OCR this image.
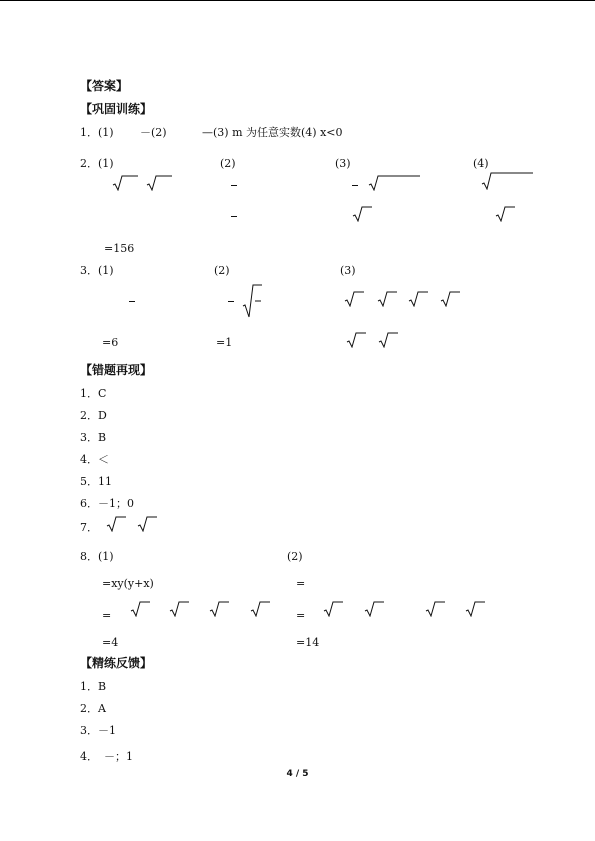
【答案】
【巩固训练】
1．(1) －(2)	—(3) m 为任意实数(4) x<0
2．(1)	(2)	(3)	(4)
=156
3．(1)	(2)	(3)
=6	=1
【错题再现】
1．C
2．D
3．B
4．＜
5．11
6．－1；0
7．
8．(1)	(2)
=xy(y+x)	=
=	=
=4	=14
【精练反馈】
1．B
2．A
3．－1
4． －；1
4 / 5
